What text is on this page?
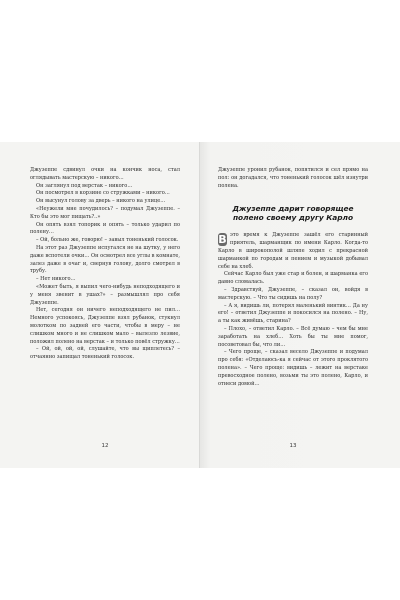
Джузеппе сдвинул очки на кончик носа, стал оглядывать мастерскую – никого…

Он заглянул под верстак – никого…

Он посмотрел в корзине со стружками – никого…

Он высунул голову за дверь – никого на улице…

«Неужели мне почудилось? – подумал Джузеппе. – Кто бы это мог пищать?..»

Он опять взял топорик и опять – только ударил по полену…

– Ой, больно же, говорю! – завыл тоненький голосок.

На этот раз Джузеппе испугался не на шутку, у него даже вспотели очки… Он осмотрел все углы в комнате, залез даже в очаг и, свернув голову, долго смотрел в трубу.

– Нет никого…

«Может быть, я выпил чего-нибудь неподходящего и у меня звенит в ушах?» – размышлял про себя Джузеппе.

Нет, сегодня он ничего неподходящего не пил… Немного успокоясь, Джузеппе взял рубанок, стукнул молотком по задней его части, чтобы в меру – не слишком много и не слишком мало – вылезло лезвие, положил полено на верстак – и только повёл стружку…

– Ой, ой, ой, ой, слушайте, что вы щиплетесь? – отчаянно запищал тоненький голосок.

12

Джузеппе уронил рубанок, попятился и сел прямо на пол: он догадался, что тоненький голосок шёл изнутри полена.

Джузеппе дарит говорящее полено своему другу Карло
В это время к Джузеппе зашёл его старинный приятель, шарманщик по имени Карло. Когда-то Карло в широкополой шляпе ходил с прекрасной шарманкой по городам и пением и музыкой добывал себе на хлеб.

Сейчас Карло был уже стар и болен, и шарманка его давно сломалась.

– Здравствуй, Джузеппе, – сказал он, войдя в мастерскую. – Что ты сидишь на полу?

– А я, видишь ли, потерял маленький винтик… Да ну его! – ответил Джузеппе и покосился на полено. – Ну, а ты как живёшь, старина?

– Плохо, – ответил Карло. – Всё думаю – чем бы мне заработать на хлеб… Хоть бы ты мне помог, посоветовал бы, что ли…

– Чего проще, – сказал весело Джузеппе и подумал про себя: «Отделаюсь-ка я сейчас от этого проклятого полена». – Чего проще: видишь – лежит на верстаке превосходное полено, возьми ты это полено, Карло, и отнеси домой…

13
